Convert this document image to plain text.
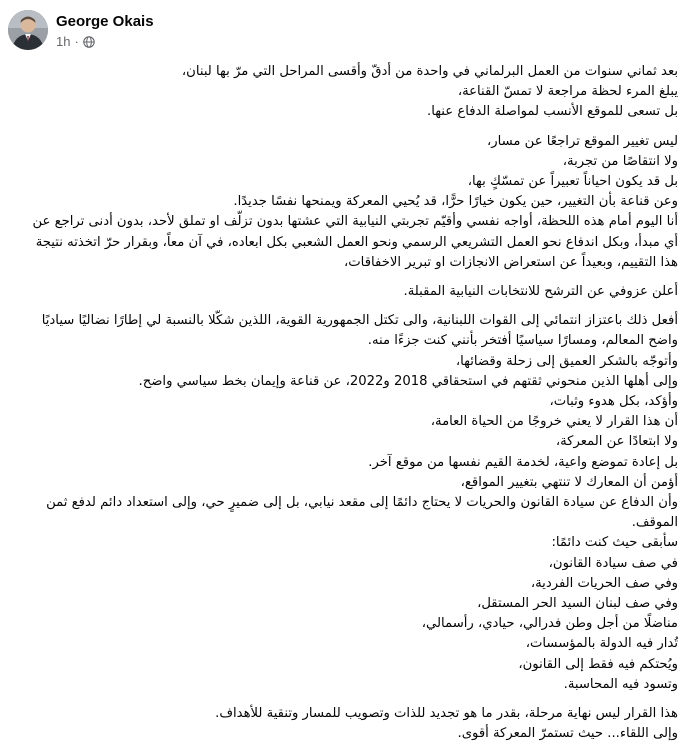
George Okais
1h ·
بعد ثماني سنوات من العمل البرلماني في واحدة من أدقّ وأقسى المراحل التي مرّ بها لبنان،
يبلغ المرء لحظة مراجعة لا تمسّ القناعة،
بل تسعى للموقع الأنسب لمواصلة الدفاع عنها.
ليس تغيير الموقع تراجعًا عن مسار،
ولا انتقاصًا من تجربة،
بل قد يكون احياناً تعبيراً عن تمسّكٍ بها،
وعن قناعة بأن التغيير، حين يكون خيارًا حرًّا، قد يُحيي المعركة ويمنحها نفسًا جديدًا.
أنا اليوم أمام هذه اللحظة، أواجه نفسي وأقيّم تجربتي النيابية التي عشتها بدون تزلّف او تملق لأحد، بدون أدنى تراجع عن أي مبدأ، وبكل اندفاع نحو العمل التشريعي الرسمي ونحو العمل الشعبي بكل ابعاده، في آن معاً، وبقرار حرّ اتخذته نتيجة هذا التقييم، وبعيداً عن استعراض الانجازات او تبرير الاخفاقات،
أعلن عزوفي عن الترشح للانتخابات النيابية المقبلة.
أفعل ذلك باعتزاز انتمائي إلى القوات اللبنانية، والى تكتل الجمهورية القوية، اللذين شكّلا بالنسبة لي إطارًا نضاليًا سياديًا واضح المعالم، ومسارًا سياسيًا أفتخر بأنني كنت جزءًا منه.
وأتوجّه بالشكر العميق إلى زحلة وقضائها،
وإلى أهلها الذين منحوني ثقتهم في استحقاقي 2018 و2022، عن قناعة وإيمان بخط سياسي واضح.
وأؤكد، بكل هدوء وثبات،
أن هذا القرار لا يعني خروجًا من الحياة العامة،
ولا ابتعادًا عن المعركة،
بل إعادة تموضع واعية، لخدمة القيم نفسها من موقع آخر.
أؤمن أن المعارك لا تنتهي بتغيير المواقع،
وأن الدفاع عن سيادة القانون والحريات لا يحتاج دائمًا إلى مقعد نيابي، بل إلى ضميرٍ حي، وإلى استعداد دائم لدفع ثمن الموقف.
سأبقى حيث كنت دائمًا:
في صف سيادة القانون،
وفي صف الحريات الفردية،
وفي صف لبنان السيد الحر المستقل،
مناضلًا من أجل وطن فدرالي، حيادي، رأسمالي،
تُدار فيه الدولة بالمؤسسات،
ويُحتكم فيه فقط إلى القانون،
وتسود فيه المحاسبة.
هذا القرار ليس نهاية مرحلة، بقدر ما هو تجديد للذات وتصويب للمسار وتنقية للأهداف.
وإلى اللقاء... حيث تستمرّ المعركة أقوى.
